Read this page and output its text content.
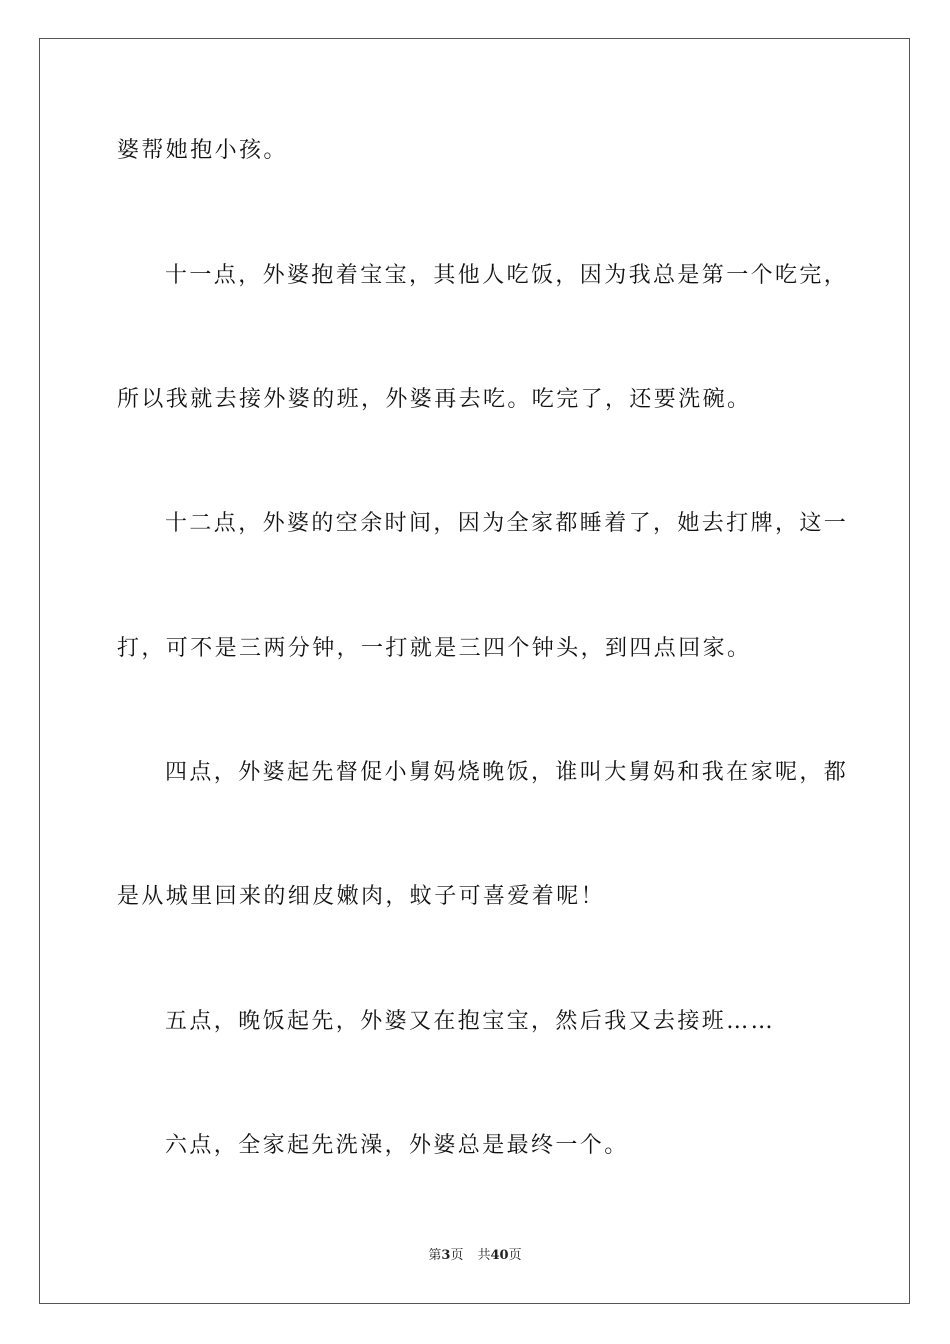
婆帮她抱小孩。
十一点，外婆抱着宝宝，其他人吃饭，因为我总是第一个吃完，
所以我就去接外婆的班，外婆再去吃。吃完了，还要洗碗。
十二点，外婆的空余时间，因为全家都睡着了，她去打牌，这一
打，可不是三两分钟，一打就是三四个钟头，到四点回家。
四点，外婆起先督促小舅妈烧晚饭，谁叫大舅妈和我在家呢，都
是从城里回来的细皮嫩肉，蚊子可喜爱着呢！
五点，晚饭起先，外婆又在抱宝宝，然后我又去接班……
六点，全家起先洗澡，外婆总是最终一个。
第3页 共40页
